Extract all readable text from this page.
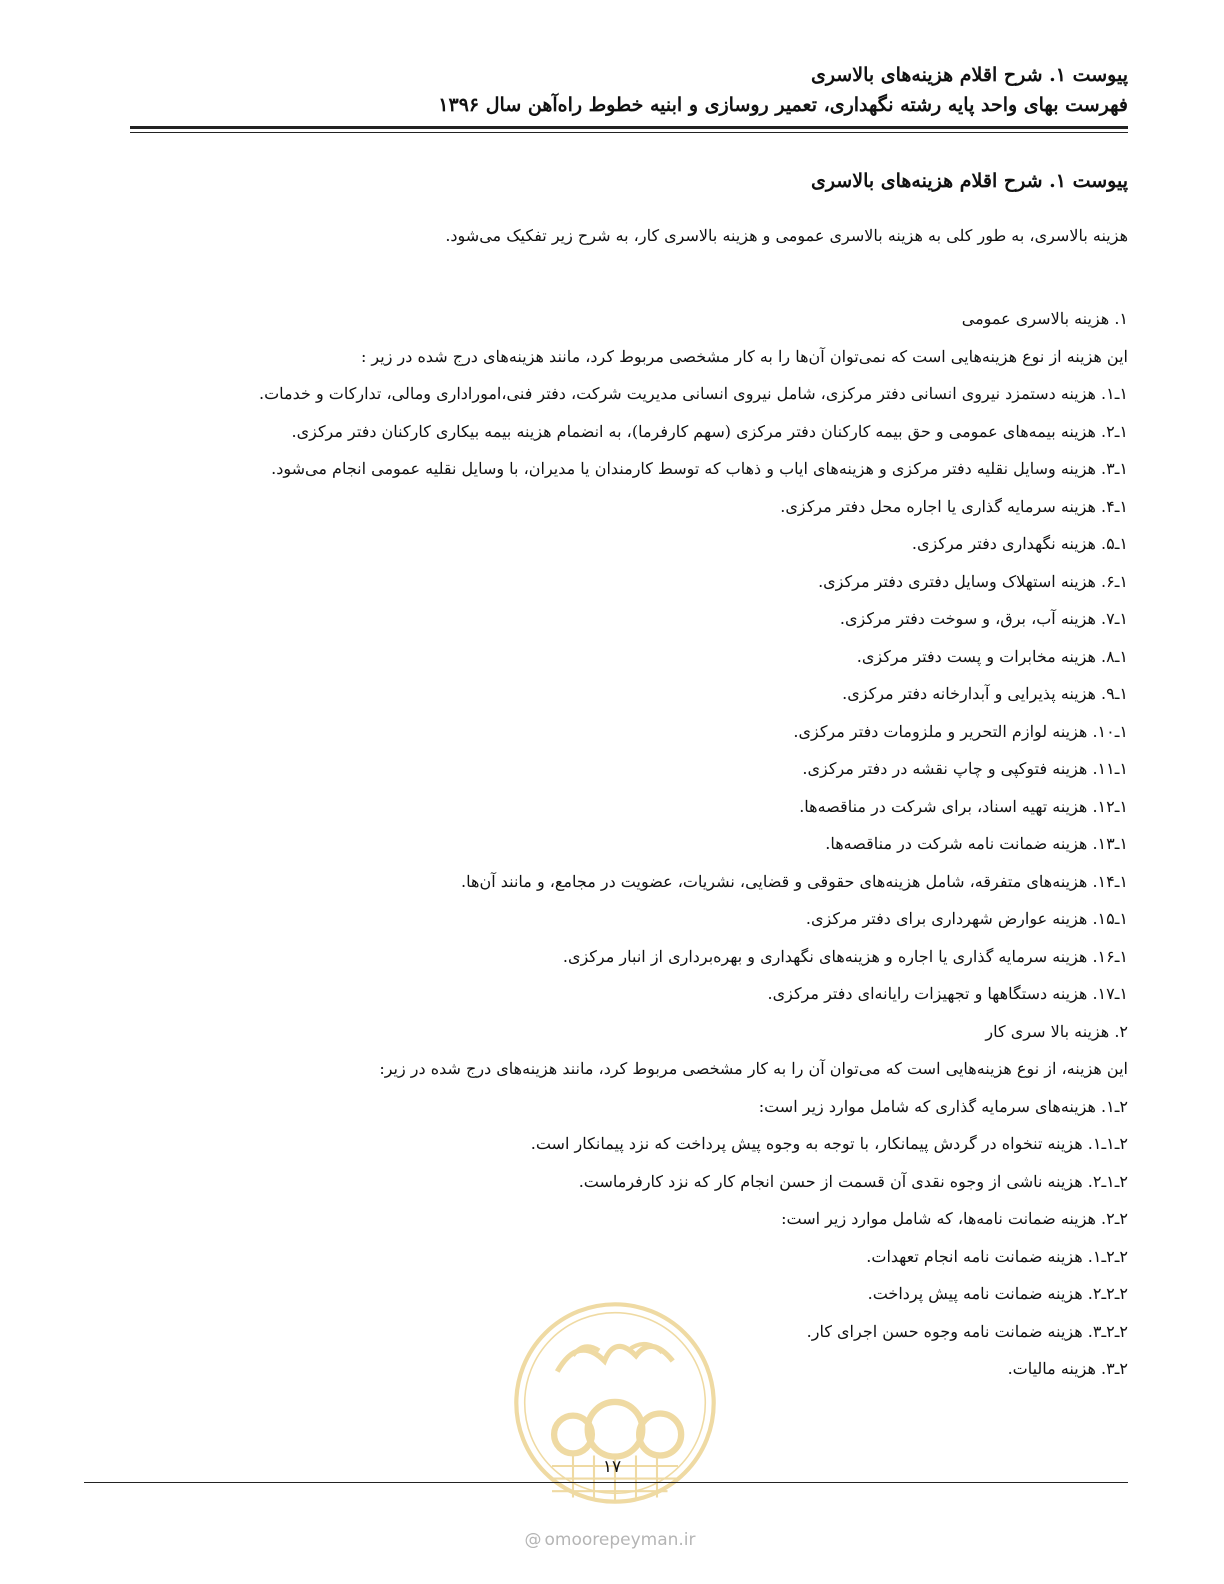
پیوست ۱. شرح اقلام هزینه‌های بالاسری
فهرست بهای واحد پایه رشته نگهداری، تعمیر روسازی و ابنیه خطوط راه‌آهن سال ۱۳۹۶
پیوست ۱. شرح اقلام هزینه‌های بالاسری
هزینه بالاسری، به طور کلی به هزینه بالاسری عمومی و هزینه بالاسری کار، به شرح زیر تفکیک می‌شود.
۱. هزینه بالاسری عمومی
این هزینه از نوع هزینه‌هایی است که نمی‌توان آن‌ها را به کار مشخصی مربوط کرد، مانند هزینه‌های درج شده در زیر :
۱ـ۱. هزینه دستمزد نیروی انسانی دفتر مرکزی، شامل نیروی انسانی مدیریت شرکت، دفتر فنی،اموراداری ومالی، تدارکات و خدمات.
۱ـ۲. هزینه بیمه‌های عمومی و حق بیمه کارکنان دفتر مرکزی (سهم کارفرما)، به انضمام هزینه بیمه بیکاری کارکنان دفتر مرکزی.
۱ـ۳. هزینه وسایل نقلیه دفتر مرکزی و هزینه‌های ایاب و ذهاب که توسط کارمندان یا مدیران، با وسایل نقلیه عمومی انجام می‌شود.
۱ـ۴. هزینه سرمایه گذاری یا اجاره محل دفتر مرکزی.
۱ـ۵. هزینه نگهداری دفتر مرکزی.
۱ـ۶. هزینه استهلاک وسایل دفتری دفتر مرکزی.
۱ـ۷. هزینه آب، برق، و سوخت دفتر مرکزی.
۱ـ۸. هزینه مخابرات و پست دفتر مرکزی.
۱ـ۹. هزینه پذیرایی و آبدارخانه دفتر مرکزی.
۱ـ۱۰. هزینه لوازم التحریر و ملزومات دفتر مرکزی.
۱ـ۱۱. هزینه فتوکپی و چاپ نقشه در دفتر مرکزی.
۱ـ۱۲. هزینه تهیه اسناد، برای شرکت در مناقصه‌ها.
۱ـ۱۳. هزینه ضمانت نامه شرکت در مناقصه‌ها.
۱ـ۱۴. هزینه‌های متفرقه، شامل هزینه‌های حقوقی و قضایی، نشریات، عضویت در مجامع، و مانند آن‌ها.
۱ـ۱۵. هزینه عوارض شهرداری برای دفتر مرکزی.
۱ـ۱۶. هزینه سرمایه گذاری یا اجاره و هزینه‌های نگهداری و بهره‌برداری از انبار مرکزی.
۱ـ۱۷. هزینه دستگاهها و تجهیزات رایانه‌ای دفتر مرکزی.
۲. هزینه بالا سری کار
این هزینه، از نوع هزینه‌هایی است که می‌توان آن را به کار مشخصی مربوط کرد، مانند هزینه‌های درج شده در زیر:
۲ـ۱. هزینه‌های سرمایه گذاری که شامل موارد زیر است:
۲ـ۱ـ۱. هزینه تنخواه در گردش پیمانکار، با توجه به وجوه پیش پرداخت که نزد پیمانکار است.
۲ـ۱ـ۲. هزینه ناشی از وجوه نقدی آن قسمت از حسن انجام کار که نزد کارفرماست.
۲ـ۲. هزینه ضمانت نامه‌ها، که شامل موارد زیر است:
۲ـ۲ـ۱. هزینه ضمانت نامه انجام تعهدات.
۲ـ۲ـ۲. هزینه ضمانت نامه پیش پرداخت.
۲ـ۲ـ۳. هزینه ضمانت نامه وجوه حسن اجرای کار.
۲ـ۳. هزینه مالیات.
۱۷
@ omoorepeyman.ir
